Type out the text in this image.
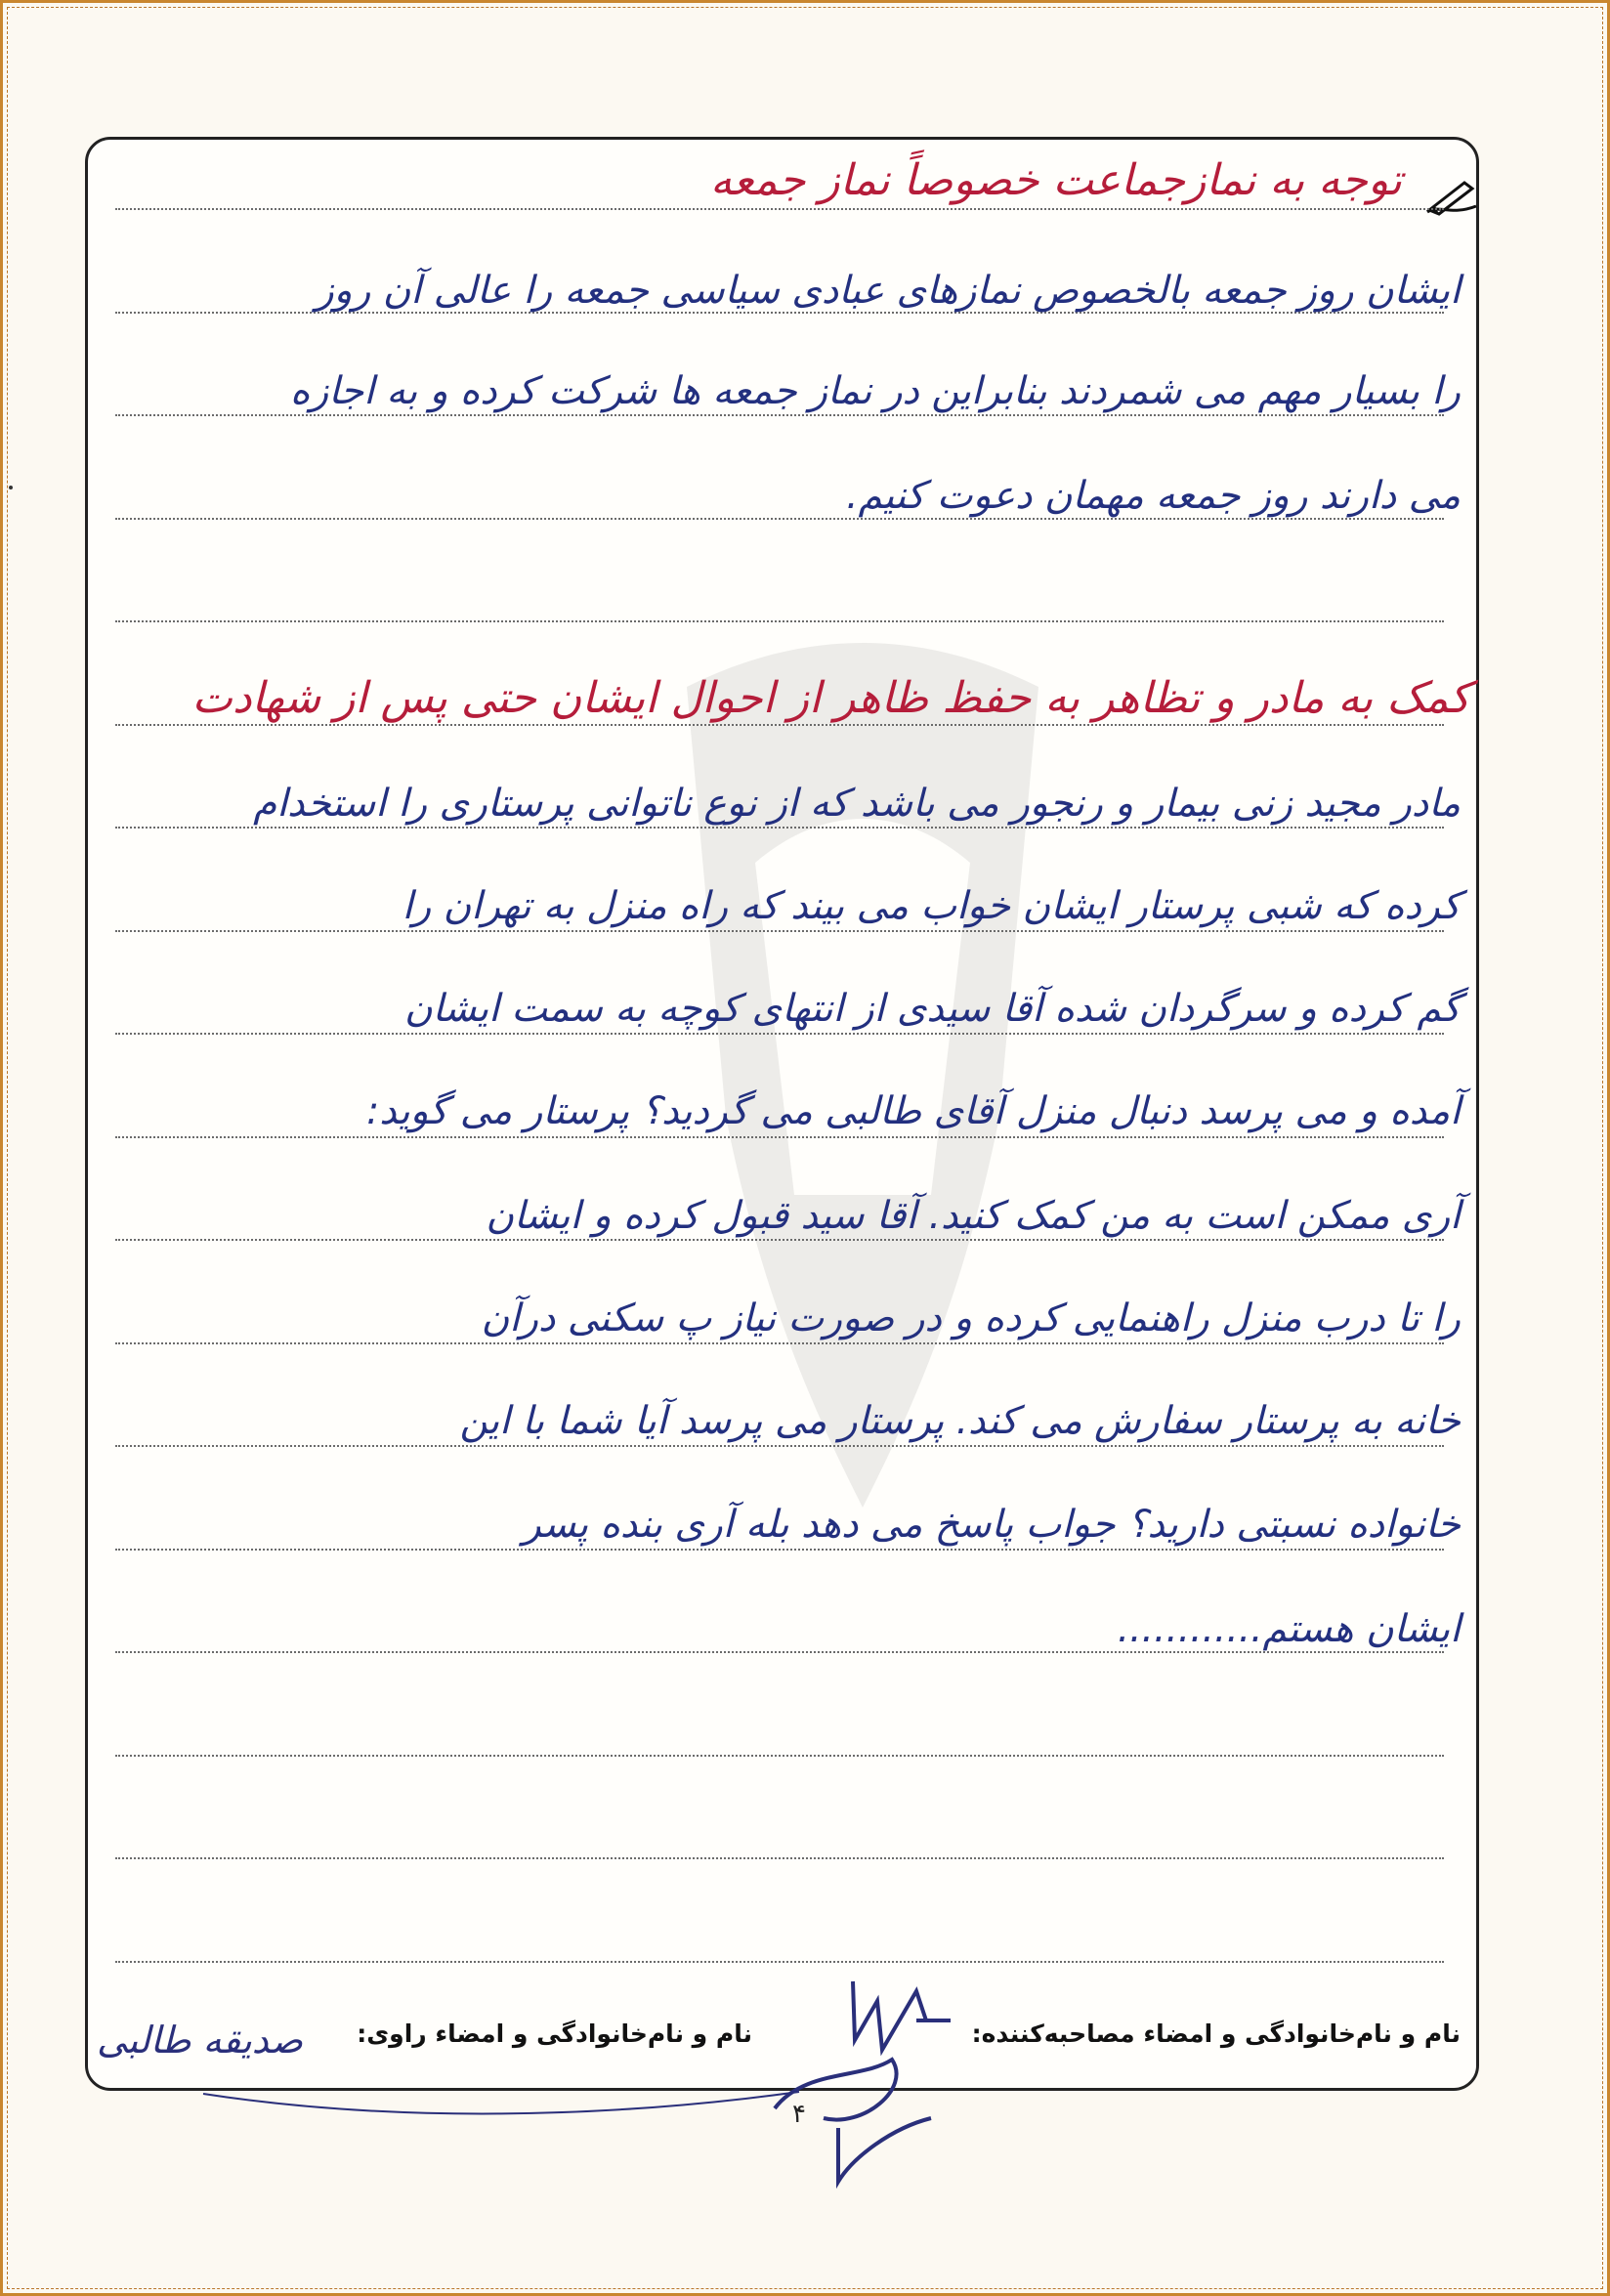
توجه به نمازجماعت خصوصاً نماز جمعه
ایشان روز جمعه بالخصوص نمازهای عبادی سیاسی جمعه را عالی آن روز
را بسیار مهم می شمردند بنابراین در نماز جمعه ها شرکت کرده و به اجازه
می دارند روز جمعه مهمان دعوت کنیم.
کمک به مادر و تظاهر به حفظ ظاهر از احوال ایشان حتی پس از شهادت
مادر مجید زنی بیمار و رنجور می باشد که از نوع ناتوانی پرستاری را استخدام
کرده که شبی پرستار ایشان خواب می بیند که راه منزل به تهران را
گم کرده و سرگردان شده آقا سیدی از انتهای کوچه به سمت ایشان
آمده و می پرسد دنبال منزل آقای طالبی می گردید؟ پرستار می گوید:
آری ممکن است به من کمک کنید. آقا سید قبول کرده و ایشان
را تا درب منزل راهنمایی کرده و در صورت نیاز پ سکنی درآن
خانه به پرستار سفارش می کند. پرستار می پرسد آیا شما با این
خانواده نسبتی دارید؟ جواب پاسخ می دهد بله آری بنده پسر
ایشان هستم............
نام و نام‌خانوادگی و امضاء مصاحبه‌کننده:
نام و نام‌خانوادگی و امضاء راوی:
صدیقه طالبی
۴
